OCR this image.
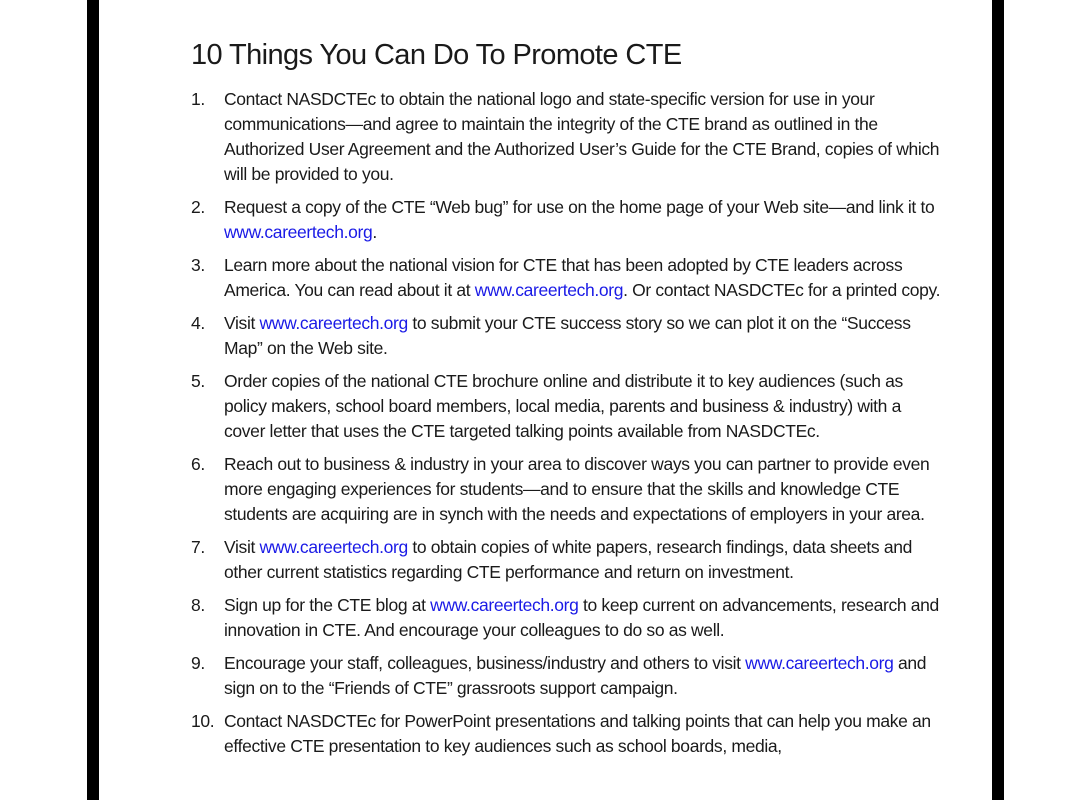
10 Things You Can Do To Promote CTE
1. Contact NASDCTEc to obtain the national logo and state-specific version for use in your communications—and agree to maintain the integrity of the CTE brand as outlined in the Authorized User Agreement and the Authorized User’s Guide for the CTE Brand, copies of which will be provided to you.
2. Request a copy of the CTE “Web bug” for use on the home page of your Web site—and link it to www.careertech.org.
3. Learn more about the national vision for CTE that has been adopted by CTE leaders across America. You can read about it at www.careertech.org. Or contact NASDCTEc for a printed copy.
4. Visit www.careertech.org to submit your CTE success story so we can plot it on the “Success Map” on the Web site.
5. Order copies of the national CTE brochure online and distribute it to key audiences (such as policy makers, school board members, local media, parents and business & industry) with a cover letter that uses the CTE targeted talking points available from NASDCTEc.
6. Reach out to business & industry in your area to discover ways you can partner to provide even more engaging experiences for students—and to ensure that the skills and knowledge CTE students are acquiring are in synch with the needs and expectations of employers in your area.
7. Visit www.careertech.org to obtain copies of white papers, research findings, data sheets and other current statistics regarding CTE performance and return on investment.
8. Sign up for the CTE blog at www.careertech.org to keep current on advancements, research and innovation in CTE. And encourage your colleagues to do so as well.
9. Encourage your staff, colleagues, business/industry and others to visit www.careertech.org and sign on to the “Friends of CTE” grassroots support campaign.
10. Contact NASDCTEc for PowerPoint presentations and talking points that can help you make an effective CTE presentation to key audiences such as school boards, media,
